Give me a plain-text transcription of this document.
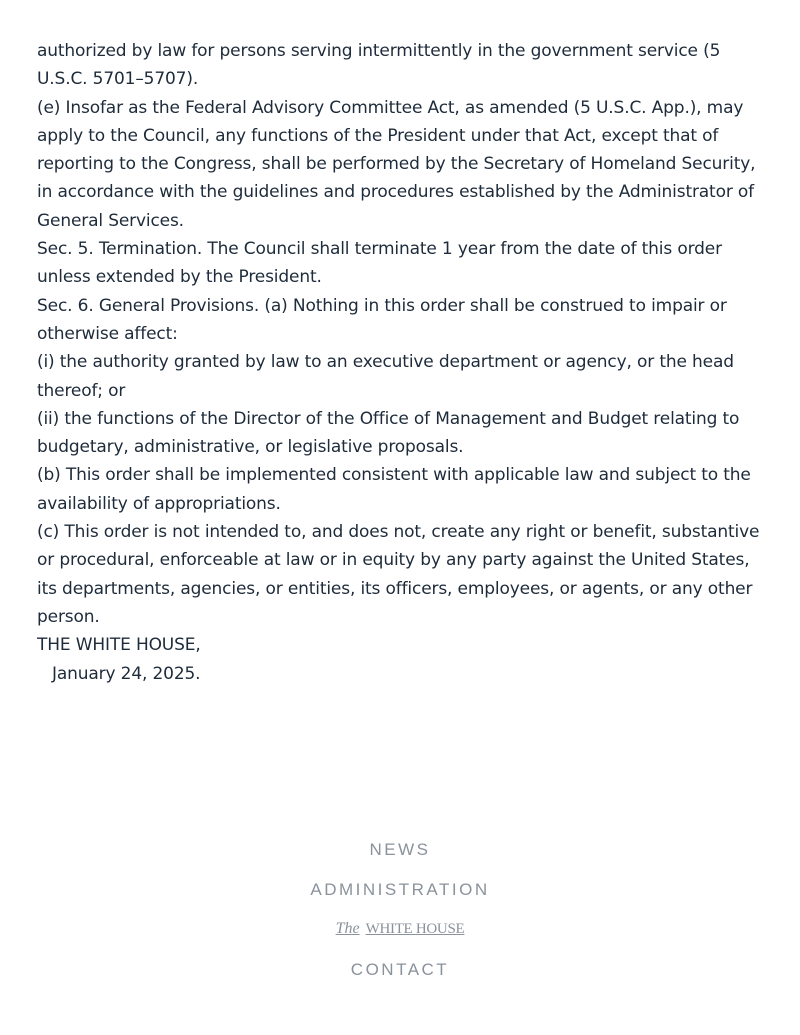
authorized by law for persons serving intermittently in the government service (5 U.S.C. 5701–5707).

(e) Insofar as the Federal Advisory Committee Act, as amended (5 U.S.C. App.), may apply to the Council, any functions of the President under that Act, except that of reporting to the Congress, shall be performed by the Secretary of Homeland Security, in accordance with the guidelines and procedures established by the Administrator of General Services.

Sec. 5. Termination. The Council shall terminate 1 year from the date of this order unless extended by the President.

Sec. 6. General Provisions. (a) Nothing in this order shall be construed to impair or otherwise affect:

(i) the authority granted by law to an executive department or agency, or the head thereof; or

(ii) the functions of the Director of the Office of Management and Budget relating to budgetary, administrative, or legislative proposals.

(b) This order shall be implemented consistent with applicable law and subject to the availability of appropriations.

(c) This order is not intended to, and does not, create any right or benefit, substantive or procedural, enforceable at law or in equity by any party against the United States, its departments, agencies, or entities, its officers, employees, or agents, or any other person.

THE WHITE HOUSE,

January 24, 2025.

NEWS
ADMINISTRATION
The WHITE HOUSE
CONTACT
